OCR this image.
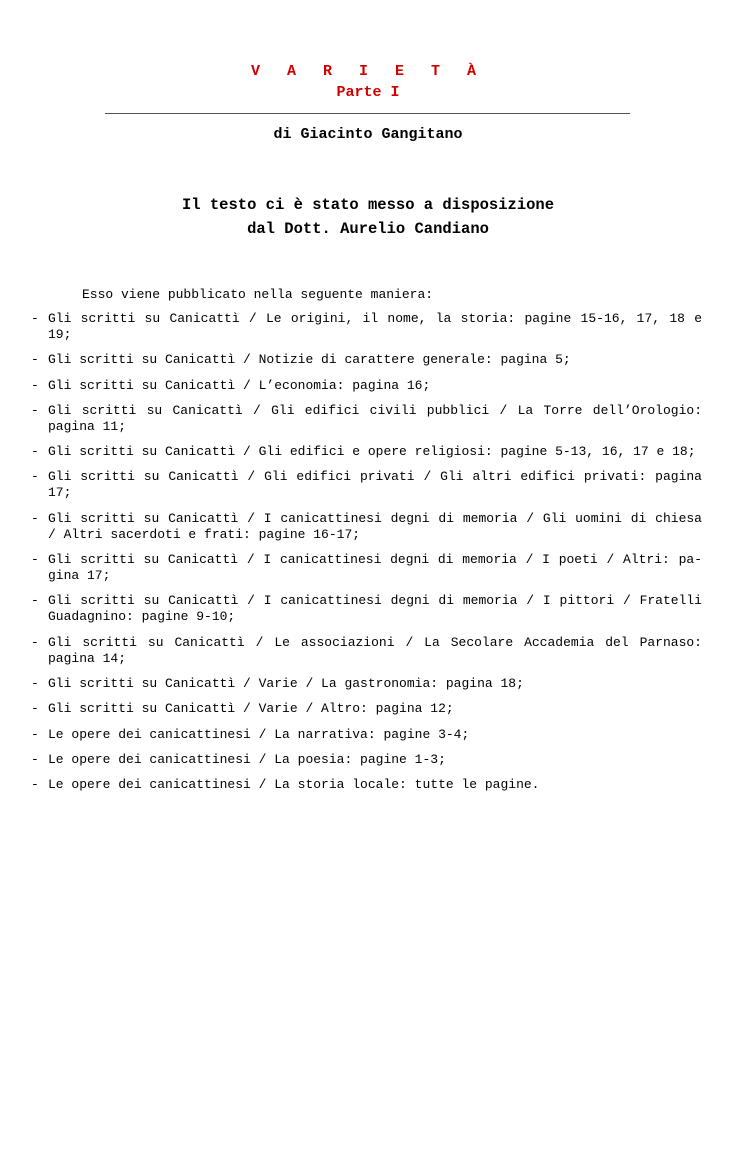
V A R I E T À
Parte I
di Giacinto Gangitano
Il testo ci è stato messo a disposizione
dal Dott. Aurelio Candiano
Esso viene pubblicato nella seguente maniera:
- Gli scritti su Canicattì / Le origini, il nome, la storia: pagine 15-16, 17, 18 e 19;
- Gli scritti su Canicattì / Notizie di carattere generale: pagina 5;
- Gli scritti su Canicattì / L’economia: pagina 16;
- Gli scritti su Canicattì / Gli edifici civili pubblici / La Torre dell’Orologio: pagina 11;
- Gli scritti su Canicattì / Gli edifici e opere religiosi: pagine 5-13, 16, 17 e 18;
- Gli scritti su Canicattì / Gli edifici privati / Gli altri edifici privati: pagina 17;
- Gli scritti su Canicattì / I canicattinesi degni di memoria / Gli uomini di chiesa / Altri sacerdoti e frati: pagine 16-17;
- Gli scritti su Canicattì / I canicattinesi degni di memoria / I poeti / Altri: pagina 17;
- Gli scritti su Canicattì / I canicattinesi degni di memoria / I pittori / Fratelli Guadagnino: pagine 9-10;
- Gli scritti su Canicattì / Le associazioni / La Secolare Accademia del Parnaso: pagina 14;
- Gli scritti su Canicattì / Varie / La gastronomia: pagina 18;
- Gli scritti su Canicattì / Varie / Altro: pagina 12;
- Le opere dei canicattinesi / La narrativa: pagine 3-4;
- Le opere dei canicattinesi / La poesia: pagine 1-3;
- Le opere dei canicattinesi / La storia locale: tutte le pagine.
